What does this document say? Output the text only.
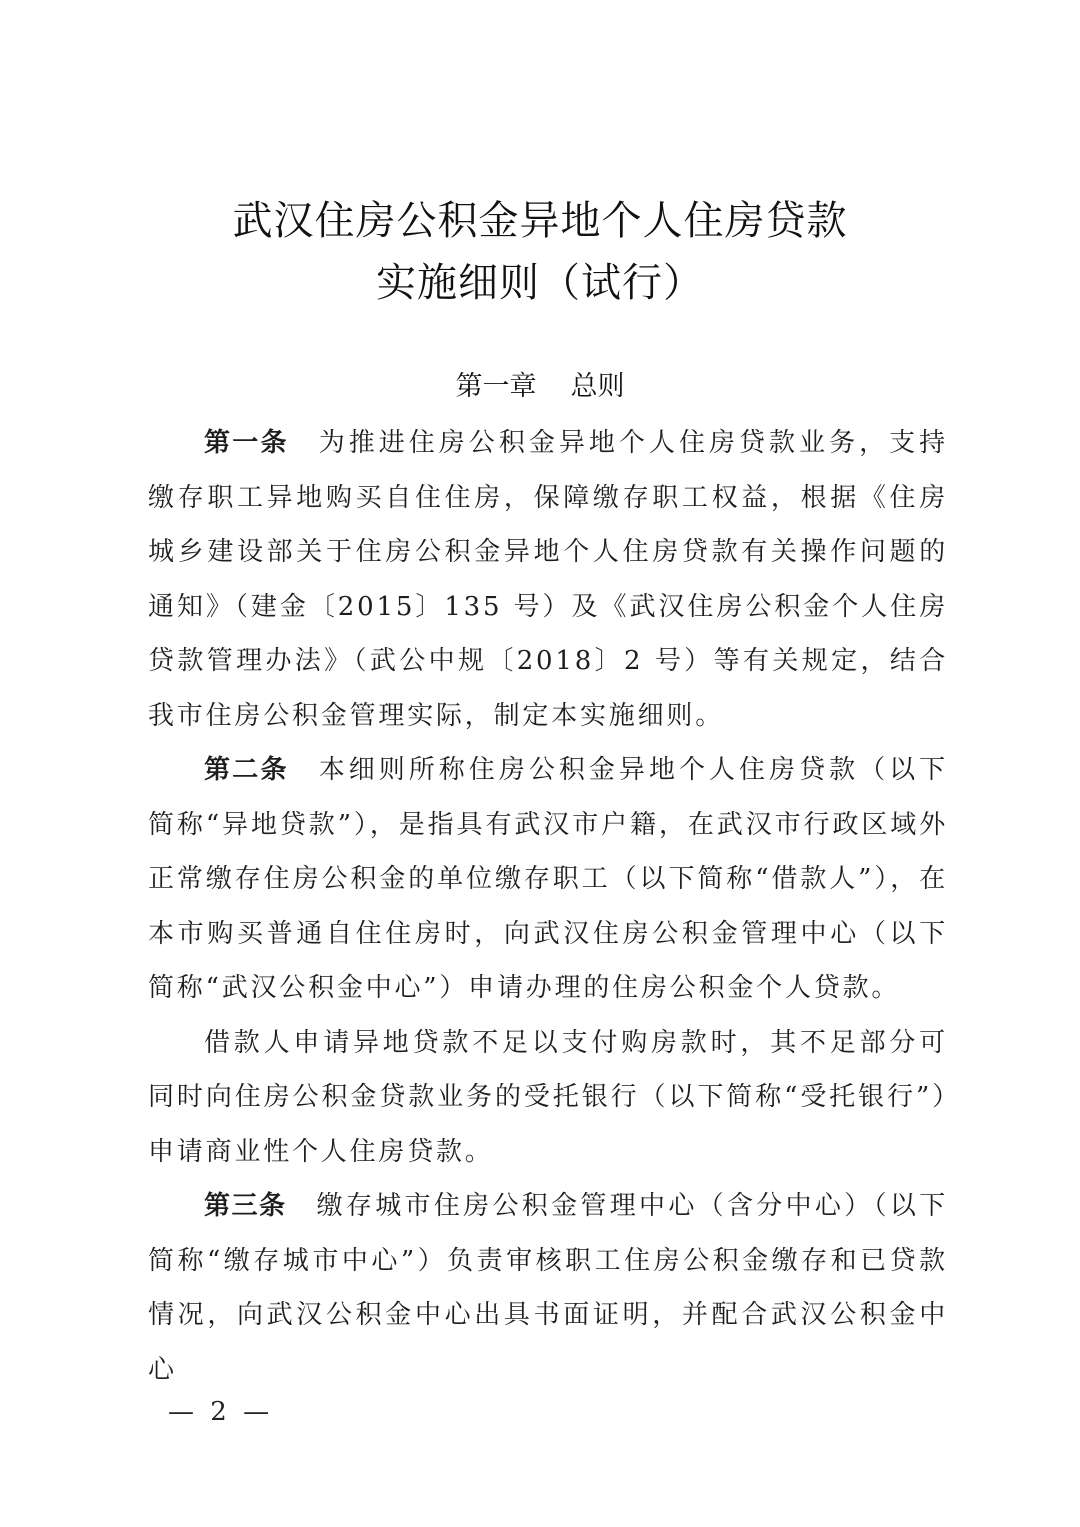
武汉住房公积金异地个人住房贷款
实施细则（试行）
第一章 总则

第一条 为推进住房公积金异地个人住房贷款业务，支持缴存职工异地购买自住住房，保障缴存职工权益，根据《住房城乡建设部关于住房公积金异地个人住房贷款有关操作问题的通知》（建金〔2015〕135 号）及《武汉住房公积金个人住房贷款管理办法》（武公中规〔2018〕2 号）等有关规定，结合我市住房公积金管理实际，制定本实施细则。

第二条 本细则所称住房公积金异地个人住房贷款（以下简称“异地贷款”），是指具有武汉市户籍，在武汉市行政区域外正常缴存住房公积金的单位缴存职工（以下简称“借款人”），在本市购买普通自住住房时，向武汉住房公积金管理中心（以下简称“武汉公积金中心”）申请办理的住房公积金个人贷款。

借款人申请异地贷款不足以支付购房款时，其不足部分可同时向住房公积金贷款业务的受托银行（以下简称“受托银行”）申请商业性个人住房贷款。

第三条 缴存城市住房公积金管理中心（含分中心）（以下简称“缴存城市中心”）负责审核职工住房公积金缴存和已贷款情况，向武汉公积金中心出具书面证明，并配合武汉公积金中心

— 2 —
